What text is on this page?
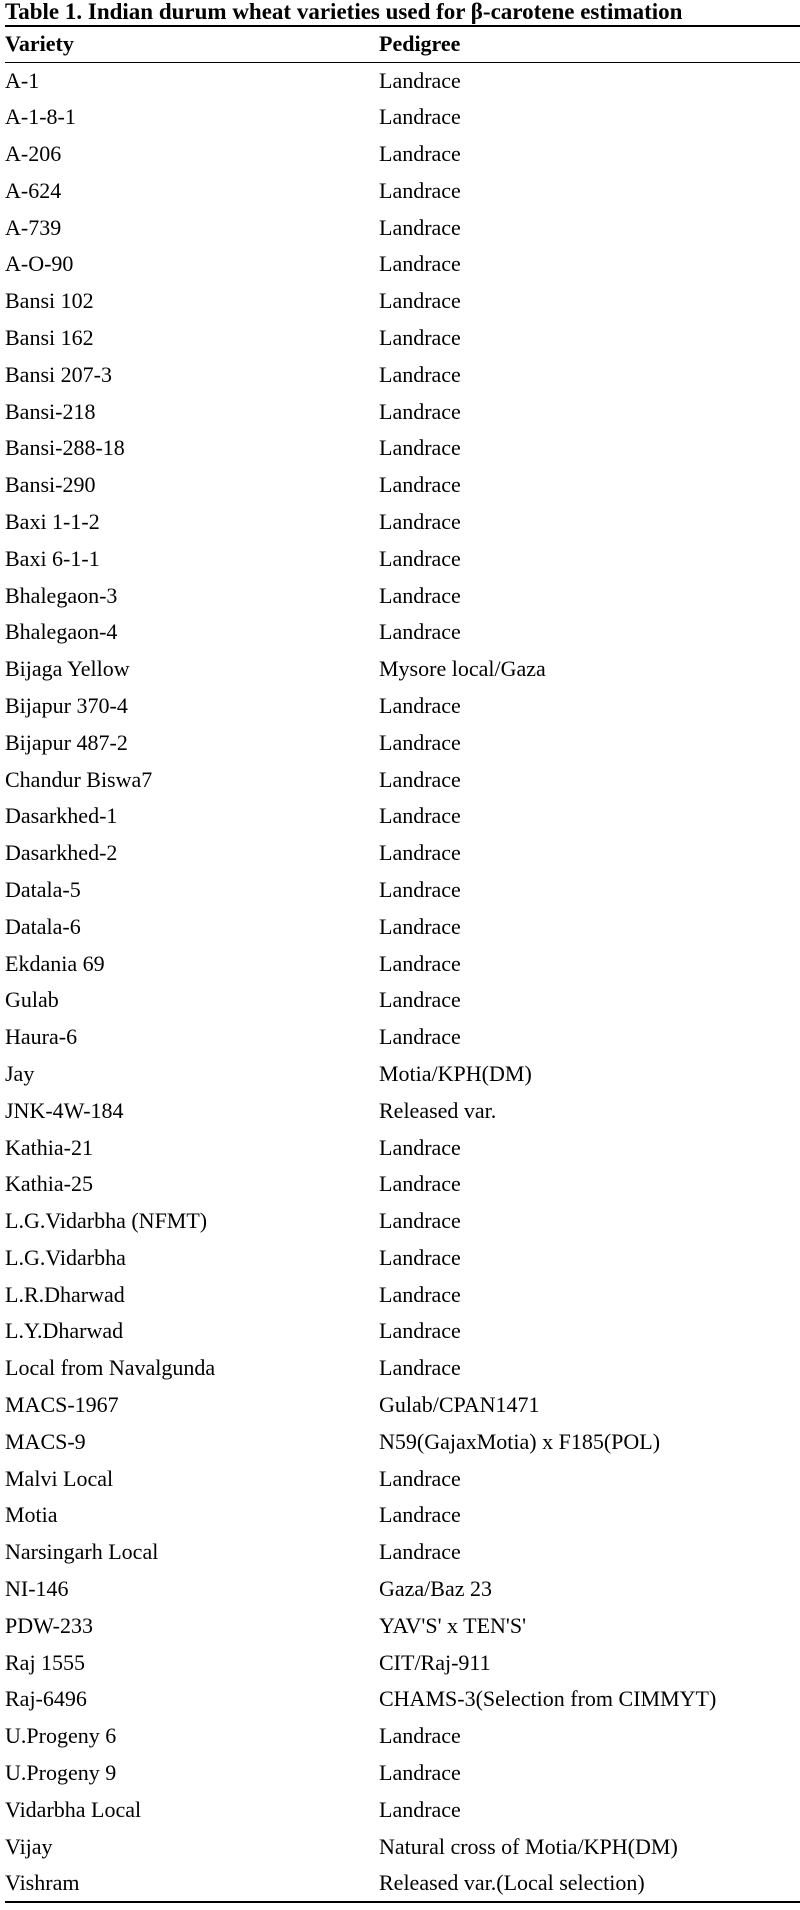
Table 1. Indian durum wheat varieties used for β-carotene estimation

Variety	Pedigree
A-1	Landrace
A-1-8-1	Landrace
A-206	Landrace
A-624	Landrace
A-739	Landrace
A-O-90	Landrace
Bansi 102	Landrace
Bansi 162	Landrace
Bansi 207-3	Landrace
Bansi-218	Landrace
Bansi-288-18	Landrace
Bansi-290	Landrace
Baxi 1-1-2	Landrace
Baxi 6-1-1	Landrace
Bhalegaon-3	Landrace
Bhalegaon-4	Landrace
Bijaga Yellow	Mysore local/Gaza
Bijapur 370-4	Landrace
Bijapur 487-2	Landrace
Chandur Biswa7	Landrace
Dasarkhed-1	Landrace
Dasarkhed-2	Landrace
Datala-5	Landrace
Datala-6	Landrace
Ekdania 69	Landrace
Gulab	Landrace
Haura-6	Landrace
Jay	Motia/KPH(DM)
JNK-4W-184	Released var.
Kathia-21	Landrace
Kathia-25	Landrace
L.G.Vidarbha (NFMT)	Landrace
L.G.Vidarbha	Landrace
L.R.Dharwad	Landrace
L.Y.Dharwad	Landrace
Local from Navalgunda	Landrace
MACS-1967	Gulab/CPAN1471
MACS-9	N59(GajaxMotia) x F185(POL)
Malvi Local	Landrace
Motia	Landrace
Narsingarh Local	Landrace
NI-146	Gaza/Baz 23
PDW-233	YAV'S' x TEN'S'
Raj 1555	CIT/Raj-911
Raj-6496	CHAMS-3(Selection from CIMMYT)
U.Progeny 6	Landrace
U.Progeny 9	Landrace
Vidarbha Local	Landrace
Vijay	Natural cross of Motia/KPH(DM)
Vishram	Released var.(Local selection)
